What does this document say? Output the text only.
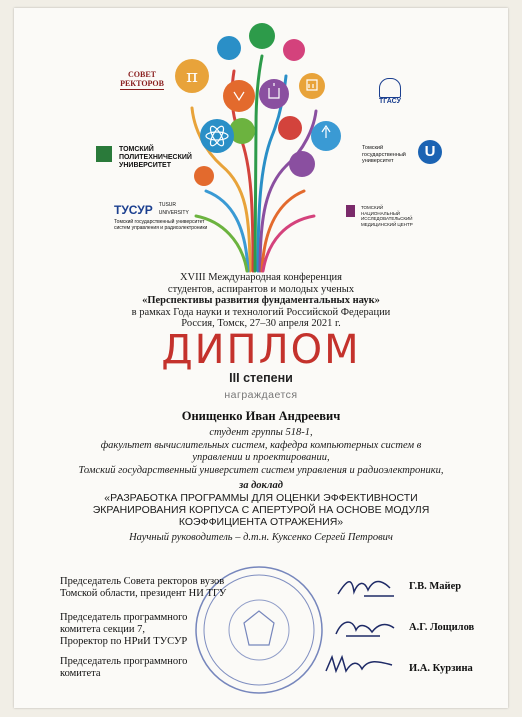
π
СОВЕТ
РЕКТОРОВ
ТОМСКИЙ ПОЛИТЕХНИЧЕСКИЙ УНИВЕРСИТЕТ
ТУСУР TUSUR UNIVERSITY
Томский государственный университет систем управления и радиоэлектроники
ТГАСУ
Томский государственный университет U
ТОМСКИЙ НАЦИОНАЛЬНЫЙ ИССЛЕДОВАТЕЛЬСКИЙ МЕДИЦИНСКИЙ ЦЕНТР
XVIII Международная конференция
студентов, аспирантов и молодых ученых
«Перспективы развития фундаментальных наук»
в рамках Года науки и технологий Российской Федерации
Россия, Томск, 27–30 апреля 2021 г.
ДИПЛОМ
III степени
награждается
Онищенко Иван Андреевич
студент группы 518-1,
факультет вычислительных систем, кафедра компьютерных систем в
управлении и проектировании,
Томский государственный университет систем управления и радиоэлектроники,
за доклад
«РАЗРАБОТКА ПРОГРАММЫ ДЛЯ ОЦЕНКИ ЭФФЕКТИВНОСТИ
ЭКРАНИРОВАНИЯ КОРПУСА С АПЕРТУРОЙ НА ОСНОВЕ МОДУЛЯ
КОЭФФИЦИЕНТА ОТРАЖЕНИЯ»
Научный руководитель – д.т.н. Куксенко Сергей Петрович
Председатель Совета ректоров вузов
Томской области, президент НИ ТГУ
Г.В. Майер
Председатель программного
комитета секции 7,
Проректор по НРиИ ТУСУР
А.Г. Лощилов
Председатель программного
комитета	И.А. Курзина
